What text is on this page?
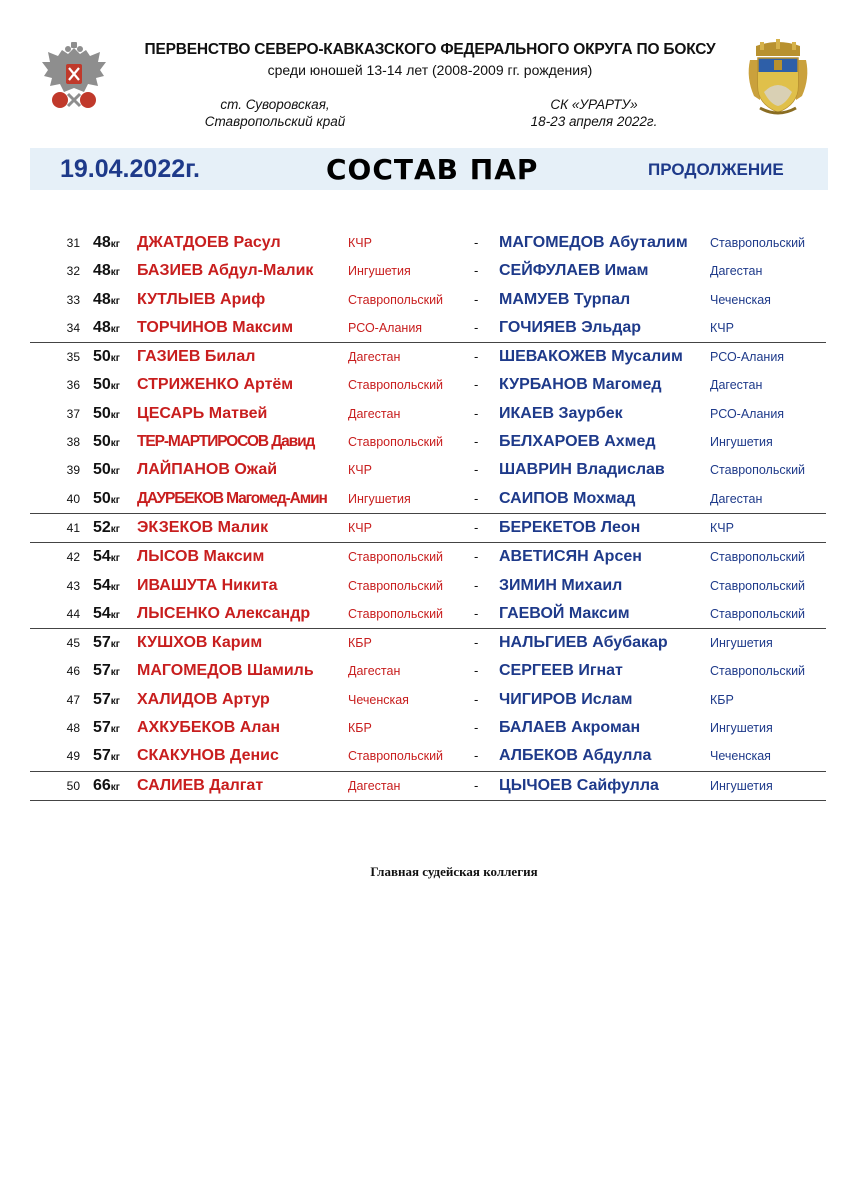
ПЕРВЕНСТВО СЕВЕРО-КАВКАЗСКОГО ФЕДЕРАЛЬНОГО ОКРУГА ПО БОКСУ
среди юношей 13-14 лет (2008-2009 гг. рождения)
ст. Суворовская,
Ставропольский край
СК «УРАРТУ»
18-23 апреля 2022г.
19.04.2022г.	СОСТАВ ПАР	ПРОДОЛЖЕНИЕ
31 48кг ДЖАТДОЕВ Расул	КЧР	- МАГОМЕДОВ Абуталим Ставропольский
32 48кг БАЗИЕВ Абдул-Малик	Ингушетия	- СЕЙФУЛАЕВ Имам	Дагестан
33 48кг КУТЛЫЕВ Ариф	Ставропольский - МАМУЕВ Турпал	Чеченская
34 48кг ТОРЧИНОВ Максим	РСО-Алания	- ГОЧИЯЕВ Эльдар	КЧР
35 50кг ГАЗИЕВ Билал	Дагестан	- ШЕВАКОЖЕВ Мусалим РСО-Алания
36 50кг СТРИЖЕНКО Артём	Ставропольский - КУРБАНОВ Магомед	Дагестан
37 50кг ЦЕСАРЬ Матвей	Дагестан	- ИКАЕВ Заурбек	РСО-Алания
38 50кг ТЕР-МАРТИРОСОВ Давид	Ставропольский - БЕЛХАРОЕВ Ахмед	Ингушетия
39 50кг ЛАЙПАНОВ Ожай	КЧР	- ШАВРИН Владислав	Ставропольский
40 50кг ДАУРБЕКОВ Магомед-Амин Ингушетия	- САИПОВ Мохмад	Дагестан
41 52кг ЭКЗЕКОВ Малик	КЧР	- БЕРЕКЕТОВ Леон	КЧР
42 54кг ЛЫСОВ Максим	Ставропольский - АВЕТИСЯН Арсен	Ставропольский
43 54кг ИВАШУТА Никита	Ставропольский - ЗИМИН Михаил	Ставропольский
44 54кг ЛЫСЕНКО Александр	Ставропольский - ГАЕВОЙ Максим	Ставропольский
45 57кг КУШХОВ Карим	КБР	- НАЛЬГИЕВ Абубакар	Ингушетия
46 57кг МАГОМЕДОВ Шамиль	Дагестан	- СЕРГЕЕВ Игнат	Ставропольский
47 57кг ХАЛИДОВ Артур	Чеченская	- ЧИГИРОВ Ислам	КБР
48 57кг АХКУБЕКОВ Алан	КБР	- БАЛАЕВ Акроман	Ингушетия
49 57кг СКАКУНОВ Денис	Ставропольский - АЛБЕКОВ Абдулла	Чеченская
50 66кг САЛИЕВ Далгат	Дагестан	- ЦЫЧОЕВ Сайфулла	Ингушетия
Главная судейская коллегия
